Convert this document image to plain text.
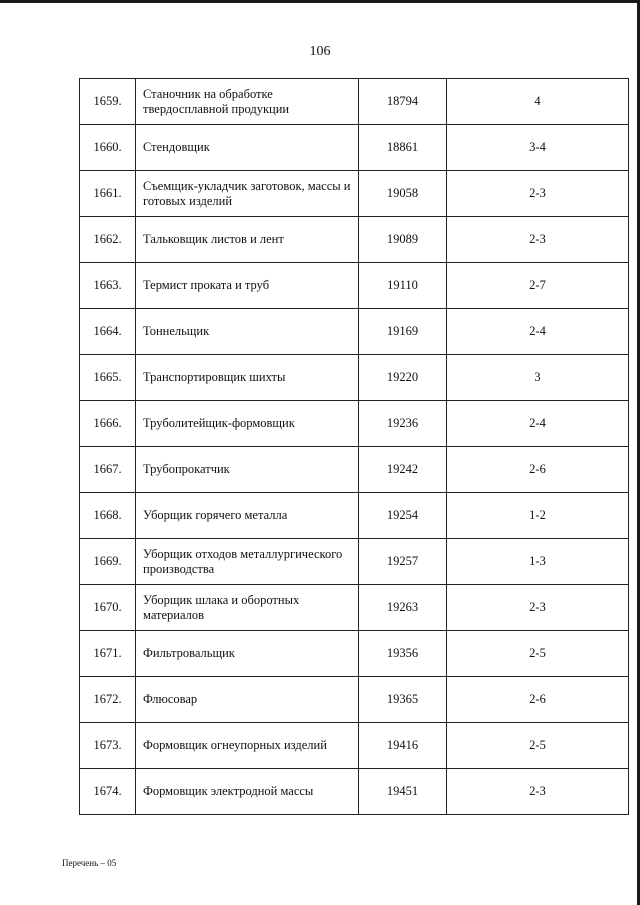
106
1659.	Станочник на обработке твердосплавной продукции	18794	4
1660.	Стендовщик	18861	3-4
1661.	Съемщик-укладчик заготовок, массы и готовых изделий	19058	2-3
1662.	Тальковщик листов и лент	19089	2-3
1663.	Термист проката и труб	19110	2-7
1664.	Тоннельщик	19169	2-4
1665.	Транспортировщик шихты	19220	3
1666.	Труболитейщик-формовщик	19236	2-4
1667.	Трубопрокатчик	19242	2-6
1668.	Уборщик горячего металла	19254	1-2
1669.	Уборщик отходов металлургического производства	19257	1-3
1670.	Уборщик шлака и оборотных материалов	19263	2-3
1671.	Фильтровальщик	19356	2-5
1672.	Флюсовар	19365	2-6
1673.	Формовщик огнеупорных изделий	19416	2-5
1674.	Формовщик электродной массы	19451	2-3
Перечень – 05
